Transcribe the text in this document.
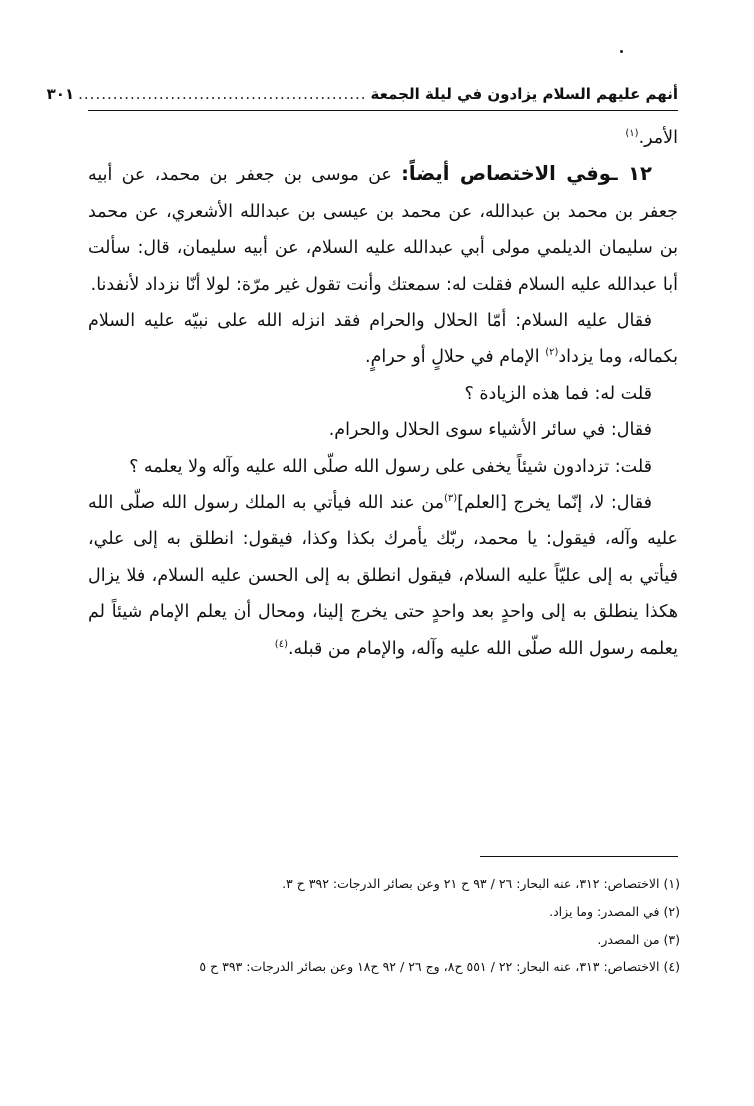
أنهم عليهم السلام يزادون في ليلة الجمعة
..................................................
٣٠١

الأمر.$^{(١)}$

١٢ ـوفي الاختصاص أيضاً: عن موسى بن جعفر بن محمد، عن أبيه جعفر بن محمد بن عبدالله، عن محمد بن عيسى بن عبدالله الأشعري، عن محمد بن سليمان الديلمي مولى أبي عبدالله عليه السلام، عن أبيه سليمان، قال: سألت أبا عبدالله عليه السلام فقلت له: سمعتك وأنت تقول غير مرّة: لولا أنّا نزداد لأنفدنا.

فقال عليه السلام: أمّا الحلال والحرام فقد انزله الله على نبيّه عليه السلام بكماله، وما يزداد$^{(٢)}$ الإمام في حلالٍ أو حرامٍ.

قلت له: فما هذه الزيادة ؟

فقال: في سائر الأشياء سوى الحلال والحرام.

قلت: تزدادون شيئاً يخفى على رسول الله صلّى الله عليه وآله ولا يعلمه ؟

فقال: لا، إنّما يخرج [العلم]$^{(٣)}$من عند الله فيأتي به الملك رسول الله صلّى الله عليه وآله، فيقول: يا محمد، ربّك يأمرك بكذا وكذا، فيقول: انطلق به إلى علي، فيأتي به إلى عليّاً عليه السلام، فيقول انطلق به إلى الحسن عليه السلام، فلا يزال هكذا ينطلق به إلى واحدٍ بعد واحدٍ حتى يخرج إلينا، ومحال أن يعلم الإمام شيئاً لم يعلمه رسول الله صلّى الله عليه وآله، والإمام من قبله.$^{(٤)}$

(١) الاختصاص: ٣١٢، عنه البحار: ٢٦ / ٩٣ ح ٢١ وعن بصائر الدرجات: ٣٩٢ ح ٣.
(٢) في المصدر: وما يزاد.
(٣) من المصدر.
(٤) الاختصاص: ٣١٣، عنه البحار: ٢٢ / ٥٥١ ح٨، وج ٢٦ / ٩٢ ح١٨ وعن بصائر الدرجات: ٣٩٣ ح ٥
